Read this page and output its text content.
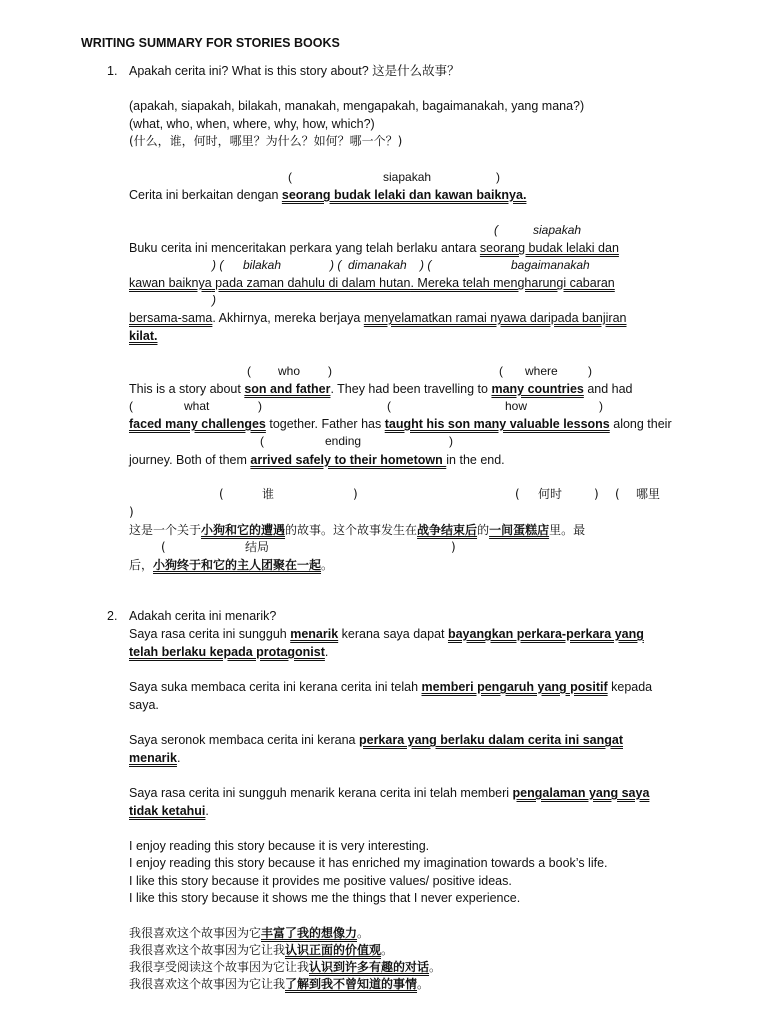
WRITING SUMMARY FOR STORIES BOOKS
1. Apakah cerita ini? What is this story about? 这是什么故事？
(apakah, siapakah, bilakah, manakah, mengapakah, bagaimanakah, yang mana?)
(what, who, when, where, why, how, which?)
(什么，谁，何时，哪里？为什么？如何？哪一个？)
(	siapakah	)
Cerita ini berkaitan dengan seorang budak lelaki dan kawan baiknya.
(	siapakah
Buku cerita ini menceritakan perkara yang telah berlaku antara seorang budak lelaki dan
) ( bilakah	) ( dimanakah ) (	bagaimanakah
kawan baiknya pada zaman dahulu di dalam hutan. Mereka telah mengharungi cabaran
)
bersama-sama. Akhirnya, mereka berjaya menyelamatkan ramai nyawa daripada banjiran
kilat.
( who )	( where	)
This is a story about son and father. They had been travelling to many countries and had
(	what	)	(	how	)
faced many challenges together. Father has taught his son many valuable lessons along their
(	ending	)
journey. Both of them arrived safely to their hometown in the end.
(	谁	)	( 何时	) ( 哪里
)
这是一个关于小狗和它的遭遇的故事。这个故事发生在战争结束后的一间蛋糕店里。最
(	结局	)
后，小狗终于和它的主人团聚在一起。
2. Adakah cerita ini menarik?
Saya rasa cerita ini sungguh menarik kerana saya dapat bayangkan perkara-perkara yang
telah berlaku kepada protagonist.
Saya suka membaca cerita ini kerana cerita ini telah memberi pengaruh yang positif kepada
saya.
Saya seronok membaca cerita ini kerana perkara yang berlaku dalam cerita ini sangat
menarik.
Saya rasa cerita ini sungguh menarik kerana cerita ini telah memberi pengalaman yang saya
tidak ketahui.
I enjoy reading this story because it is very interesting.
I enjoy reading this story because it has enriched my imagination towards a book’s life.
I like this story because it provides me positive values/ positive ideas.
I like this story because it shows me the things that I never experience.
我很喜欢这个故事因为它丰富了我的想像力。
我很喜欢这个故事因为它让我认识正面的价值观。
我很享受阅读这个故事因为它让我认识到许多有趣的对话。
我很喜欢这个故事因为它让我了解到我不曾知道的事情。
